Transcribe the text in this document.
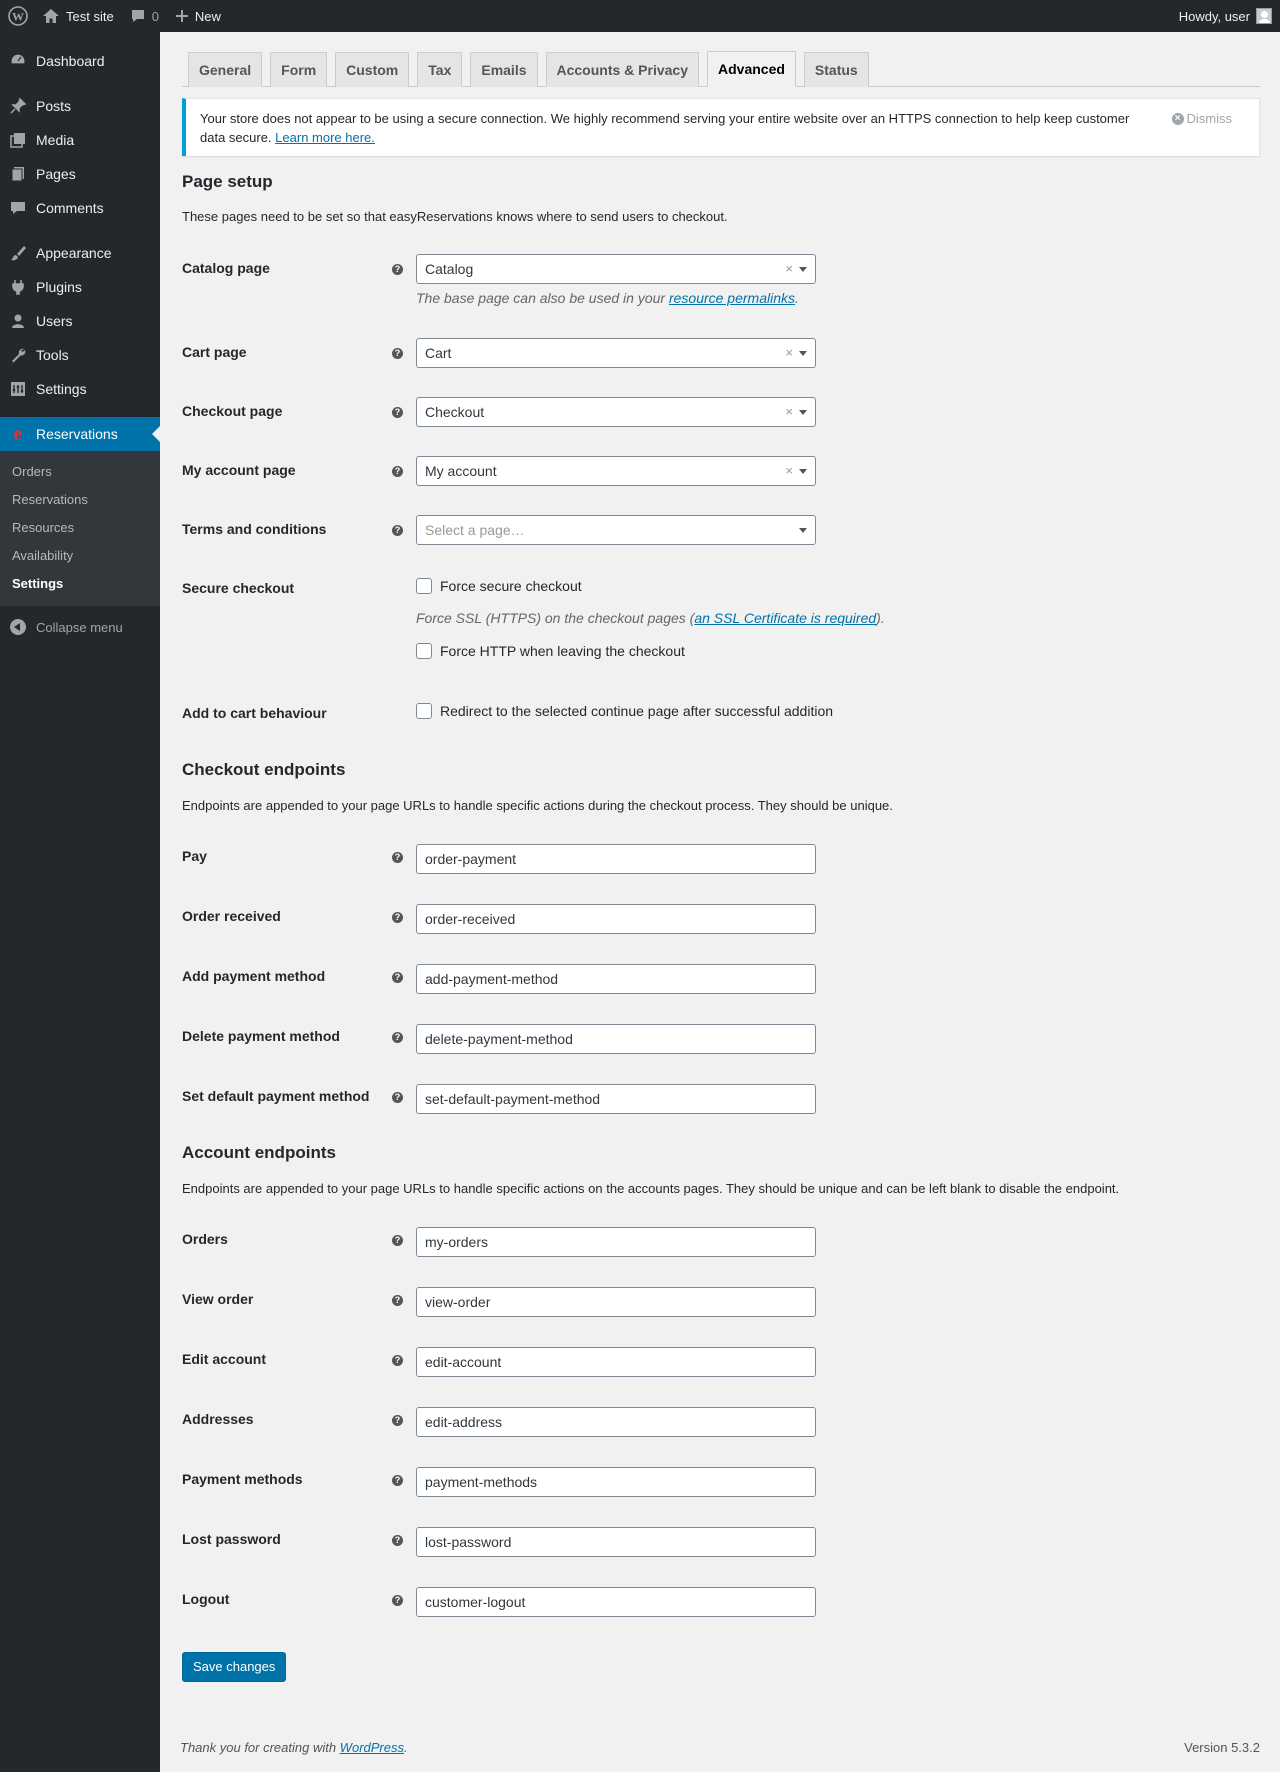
W	Test site	0	New	Howdy, user
Dashboard
Posts
Media
Pages
Comments
Appearance
Plugins
Users
Tools
Settings
e Reservations
Orders
Reservations
Resources
Availability
Settings
Collapse menu
General	Form	Custom	Tax	Emails	Accounts & Privacy	Advanced	Status
Your store does not appear to be using a secure connection. We highly recommend serving your entire website over an HTTPS connection to help keep customer data secure. Learn more here.
× Dismiss
Page setup
These pages need to be set so that easyReservations knows where to send users to checkout.
Catalog page	?	Catalog	×
The base page can also be used in your resource permalinks.
Cart page	?	Cart	×
Checkout page	?	Checkout	×
My account page	?	My account	×
Terms and conditions	?	Select a page…
Secure checkout	Force secure checkout
Force SSL (HTTPS) on the checkout pages (an SSL Certificate is required).
Force HTTP when leaving the checkout
Add to cart behaviour	Redirect to the selected continue page after successful addition
Checkout endpoints
Endpoints are appended to your page URLs to handle specific actions during the checkout process. They should be unique.
Pay	?	order-payment
Order received	?	order-received
Add payment method	?	add-payment-method
Delete payment method	?	delete-payment-method
Set default payment method	?	set-default-payment-method
Account endpoints
Endpoints are appended to your page URLs to handle specific actions on the accounts pages. They should be unique and can be left blank to disable the endpoint.
Orders	?	my-orders
View order	?	view-order
Edit account	?	edit-account
Addresses	?	edit-address
Payment methods	?	payment-methods
Lost password	?	lost-password
Logout	?	customer-logout
Save changes
Thank you for creating with WordPress.	Version 5.3.2
